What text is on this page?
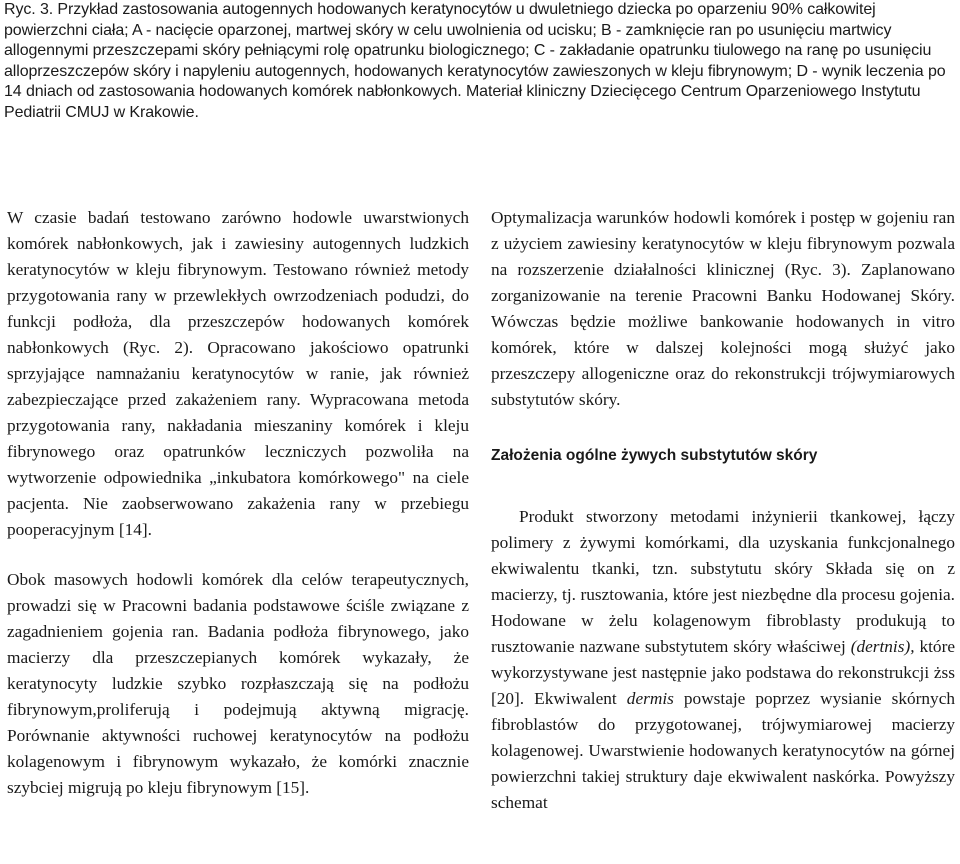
Ryc. 3. Przykład zastosowania autogennych hodowanych keratynocytów u dwuletniego dziecka po oparzeniu 90% całkowitej powierzchni ciała; A - nacięcie oparzonej, martwej skóry w celu uwolnienia od ucisku; B - zamknięcie ran po usunięciu martwicy allogennymi przeszczepami skóry pełniącymi rolę opatrunku biologicznego; C - zakładanie opatrunku tiulowego na ranę po usunięciu alloprzeszczepów skóry i napyleniu autogennych, hodowanych keratynocytów zawieszonych w kleju fibrynowym; D - wynik leczenia po 14 dniach od zastosowania hodowanych komórek nabłonkowych. Materiał kliniczny Dziecięcego Centrum Oparzeniowego Instytutu Pediatrii CMUJ w Krakowie.

W czasie badań testowano zarówno hodowle uwarstwionych komórek nabłonkowych, jak i zawiesiny autogennych ludzkich keratynocytów w kleju fibrynowym. Testowano również metody przygotowania rany w przewlekłych owrzodzeniach podudzi, do funkcji podłoża, dla przeszczepów hodowanych komórek nabłonkowych (Ryc. 2). Opracowano jakościowo opatrunki sprzyjające namnażaniu keratynocytów w ranie, jak również zabezpieczające przed zakażeniem rany. Wypracowana metoda przygotowania rany, nakładania mieszaniny komórek i kleju fibrynowego oraz opatrunków leczniczych pozwoliła na wytworzenie odpowiednika „inkubatora komórkowego" na ciele pacjenta. Nie zaobserwowano zakażenia rany w przebiegu pooperacyjnym [14].

Obok masowych hodowli komórek dla celów terapeutycznych, prowadzi się w Pracowni badania podstawowe ściśle związane z zagadnieniem gojenia ran. Badania podłoża fibrynowego, jako macierzy dla przeszczepianych komórek wykazały, że keratynocyty ludzkie szybko rozpłaszczają się na podłożu fibrynowym,proliferują i podejmują aktywną migrację. Porównanie aktywności ruchowej keratynocytów na podłożu kolagenowym i fibrynowym wykazało, że komórki znacznie szybciej migrują po kleju fibrynowym [15].

Optymalizacja warunków hodowli komórek i postęp w gojeniu ran z użyciem zawiesiny keratynocytów w kleju fibrynowym pozwala na rozszerzenie działalności klinicznej (Ryc. 3). Zaplanowano zorganizowanie na terenie Pracowni Banku Hodowanej Skóry. Wówczas będzie możliwe bankowanie hodowanych in vitro komórek, które w dalszej kolejności mogą służyć jako przeszczepy allogeniczne oraz do rekonstrukcji trójwymiarowych substytutów skóry.

Założenia ogólne żywych substytutów skóry

Produkt stworzony metodami inżynierii tkankowej, łączy polimery z żywymi komórkami, dla uzyskania funkcjonalnego ekwiwalentu tkanki, tzn. substytutu skóry Składa się on z macierzy, tj. rusztowania, które jest niezbędne dla procesu gojenia. Hodowane w żelu kolagenowym fibroblasty produkują to rusztowanie nazwane substytutem skóry właściwej (dertnis), które wykorzystywane jest następnie jako podstawa do rekonstrukcji żss [20]. Ekwiwalent dermis powstaje poprzez wysianie skórnych fibroblastów do przygotowanej, trójwymiarowej macierzy kolagenowej. Uwarstwienie hodowanych keratynocytów na górnej powierzchni takiej struktury daje ekwiwalent naskórka. Powyższy schemat
